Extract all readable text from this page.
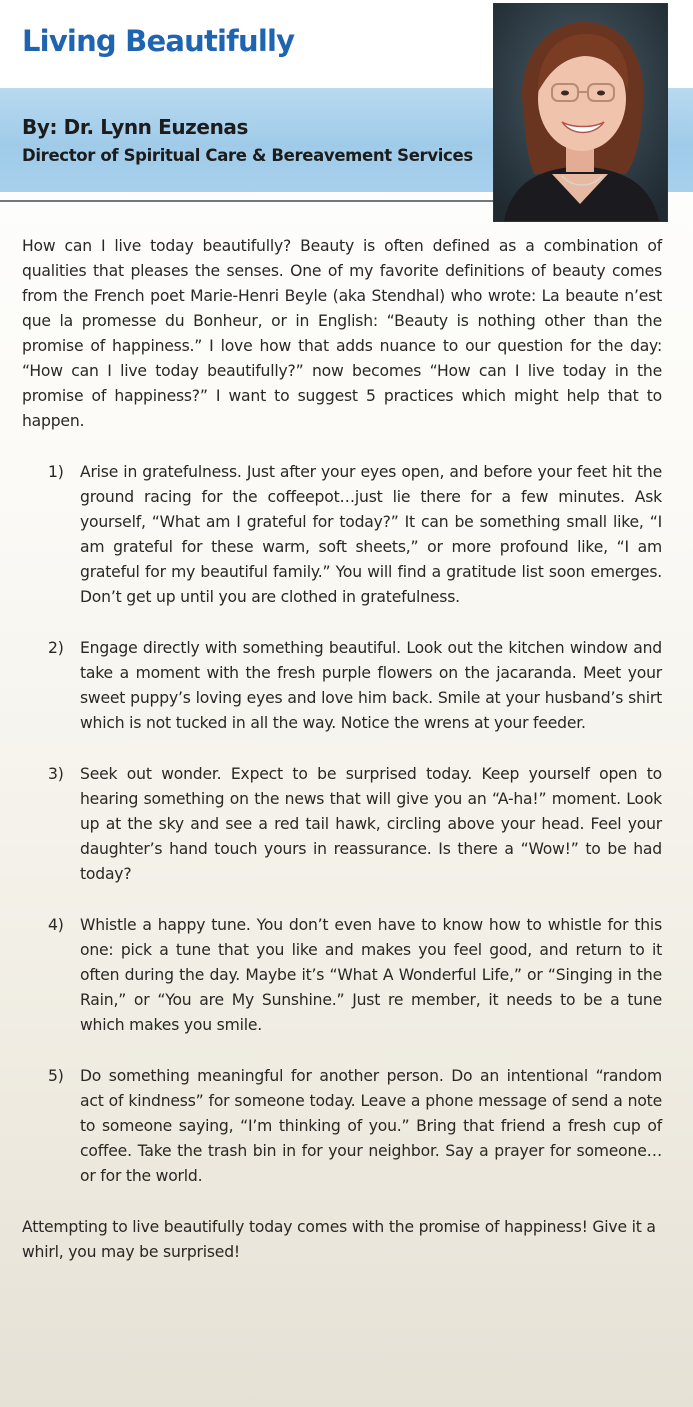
Living Beautifully
By: Dr. Lynn Euzenas
Director of Spiritual Care & Bereavement Services

How can I live today beautifully? Beauty is often defined as a combination of qualities that pleases the senses. One of my favorite definitions of beauty comes from the French poet Marie-Henri Beyle (aka Stendhal) who wrote: La beaute n’est que la promesse du Bonheur, or in English: “Beauty is nothing other than the promise of happiness.” I love how that adds nuance to our question for the day: “How can I live today beautifully?” now becomes “How can I live today in the promise of happiness?” I want to suggest 5 practices which might help that to happen.

1) Arise in gratefulness. Just after your eyes open, and before your feet hit the ground racing for the coffeepot…just lie there for a few minutes. Ask yourself, “What am I grateful for today?” It can be something small like, “I am grateful for these warm, soft sheets,” or more profound like, “I am grateful for my beautiful family.” You will find a gratitude list soon emerges. Don’t get up until you are clothed in gratefulness.
2) Engage directly with something beautiful. Look out the kitchen window and take a moment with the fresh purple flowers on the jacaranda. Meet your sweet puppy’s loving eyes and love him back. Smile at your husband’s shirt which is not tucked in all the way. Notice the wrens at your feeder.
3) Seek out wonder. Expect to be surprised today. Keep yourself open to hearing something on the news that will give you an “A-ha!” moment. Look up at the sky and see a red tail hawk, circling above your head. Feel your daughter’s hand touch yours in reassurance. Is there a “Wow!” to be had today?
4) Whistle a happy tune. You don’t even have to know how to whistle for this one: pick a tune that you like and makes you feel good, and return to it often during the day. Maybe it’s “What A Wonderful Life,” or “Singing in the Rain,” or “You are My Sunshine.” Just re member, it needs to be a tune which makes you smile.
5) Do something meaningful for another person. Do an intentional “random act of kindness” for someone today. Leave a phone message of send a note to someone saying, “I’m thinking of you.” Bring that friend a fresh cup of coffee. Take the trash bin in for your neighbor. Say a prayer for someone…or for the world.

Attempting to live beautifully today comes with the promise of happiness! Give it a whirl, you may be surprised!
